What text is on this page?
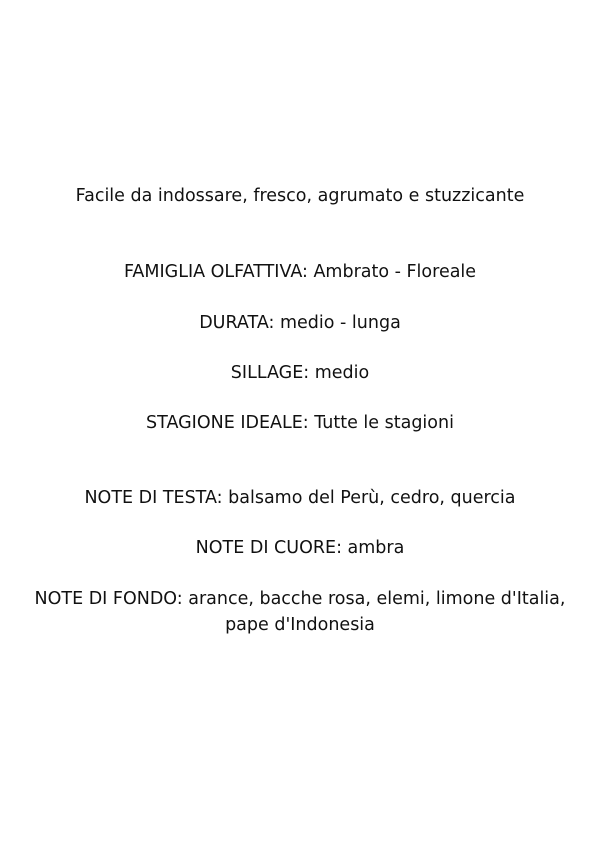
Facile da indossare, fresco, agrumato e stuzzicante
FAMIGLIA OLFATTIVA: Ambrato - Floreale
DURATA: medio - lunga
SILLAGE: medio
STAGIONE IDEALE: Tutte le stagioni
NOTE DI TESTA: balsamo del Perù, cedro, quercia
NOTE DI CUORE: ambra
NOTE DI FONDO: arance, bacche rosa, elemi, limone d'Italia,
pape d'Indonesia
